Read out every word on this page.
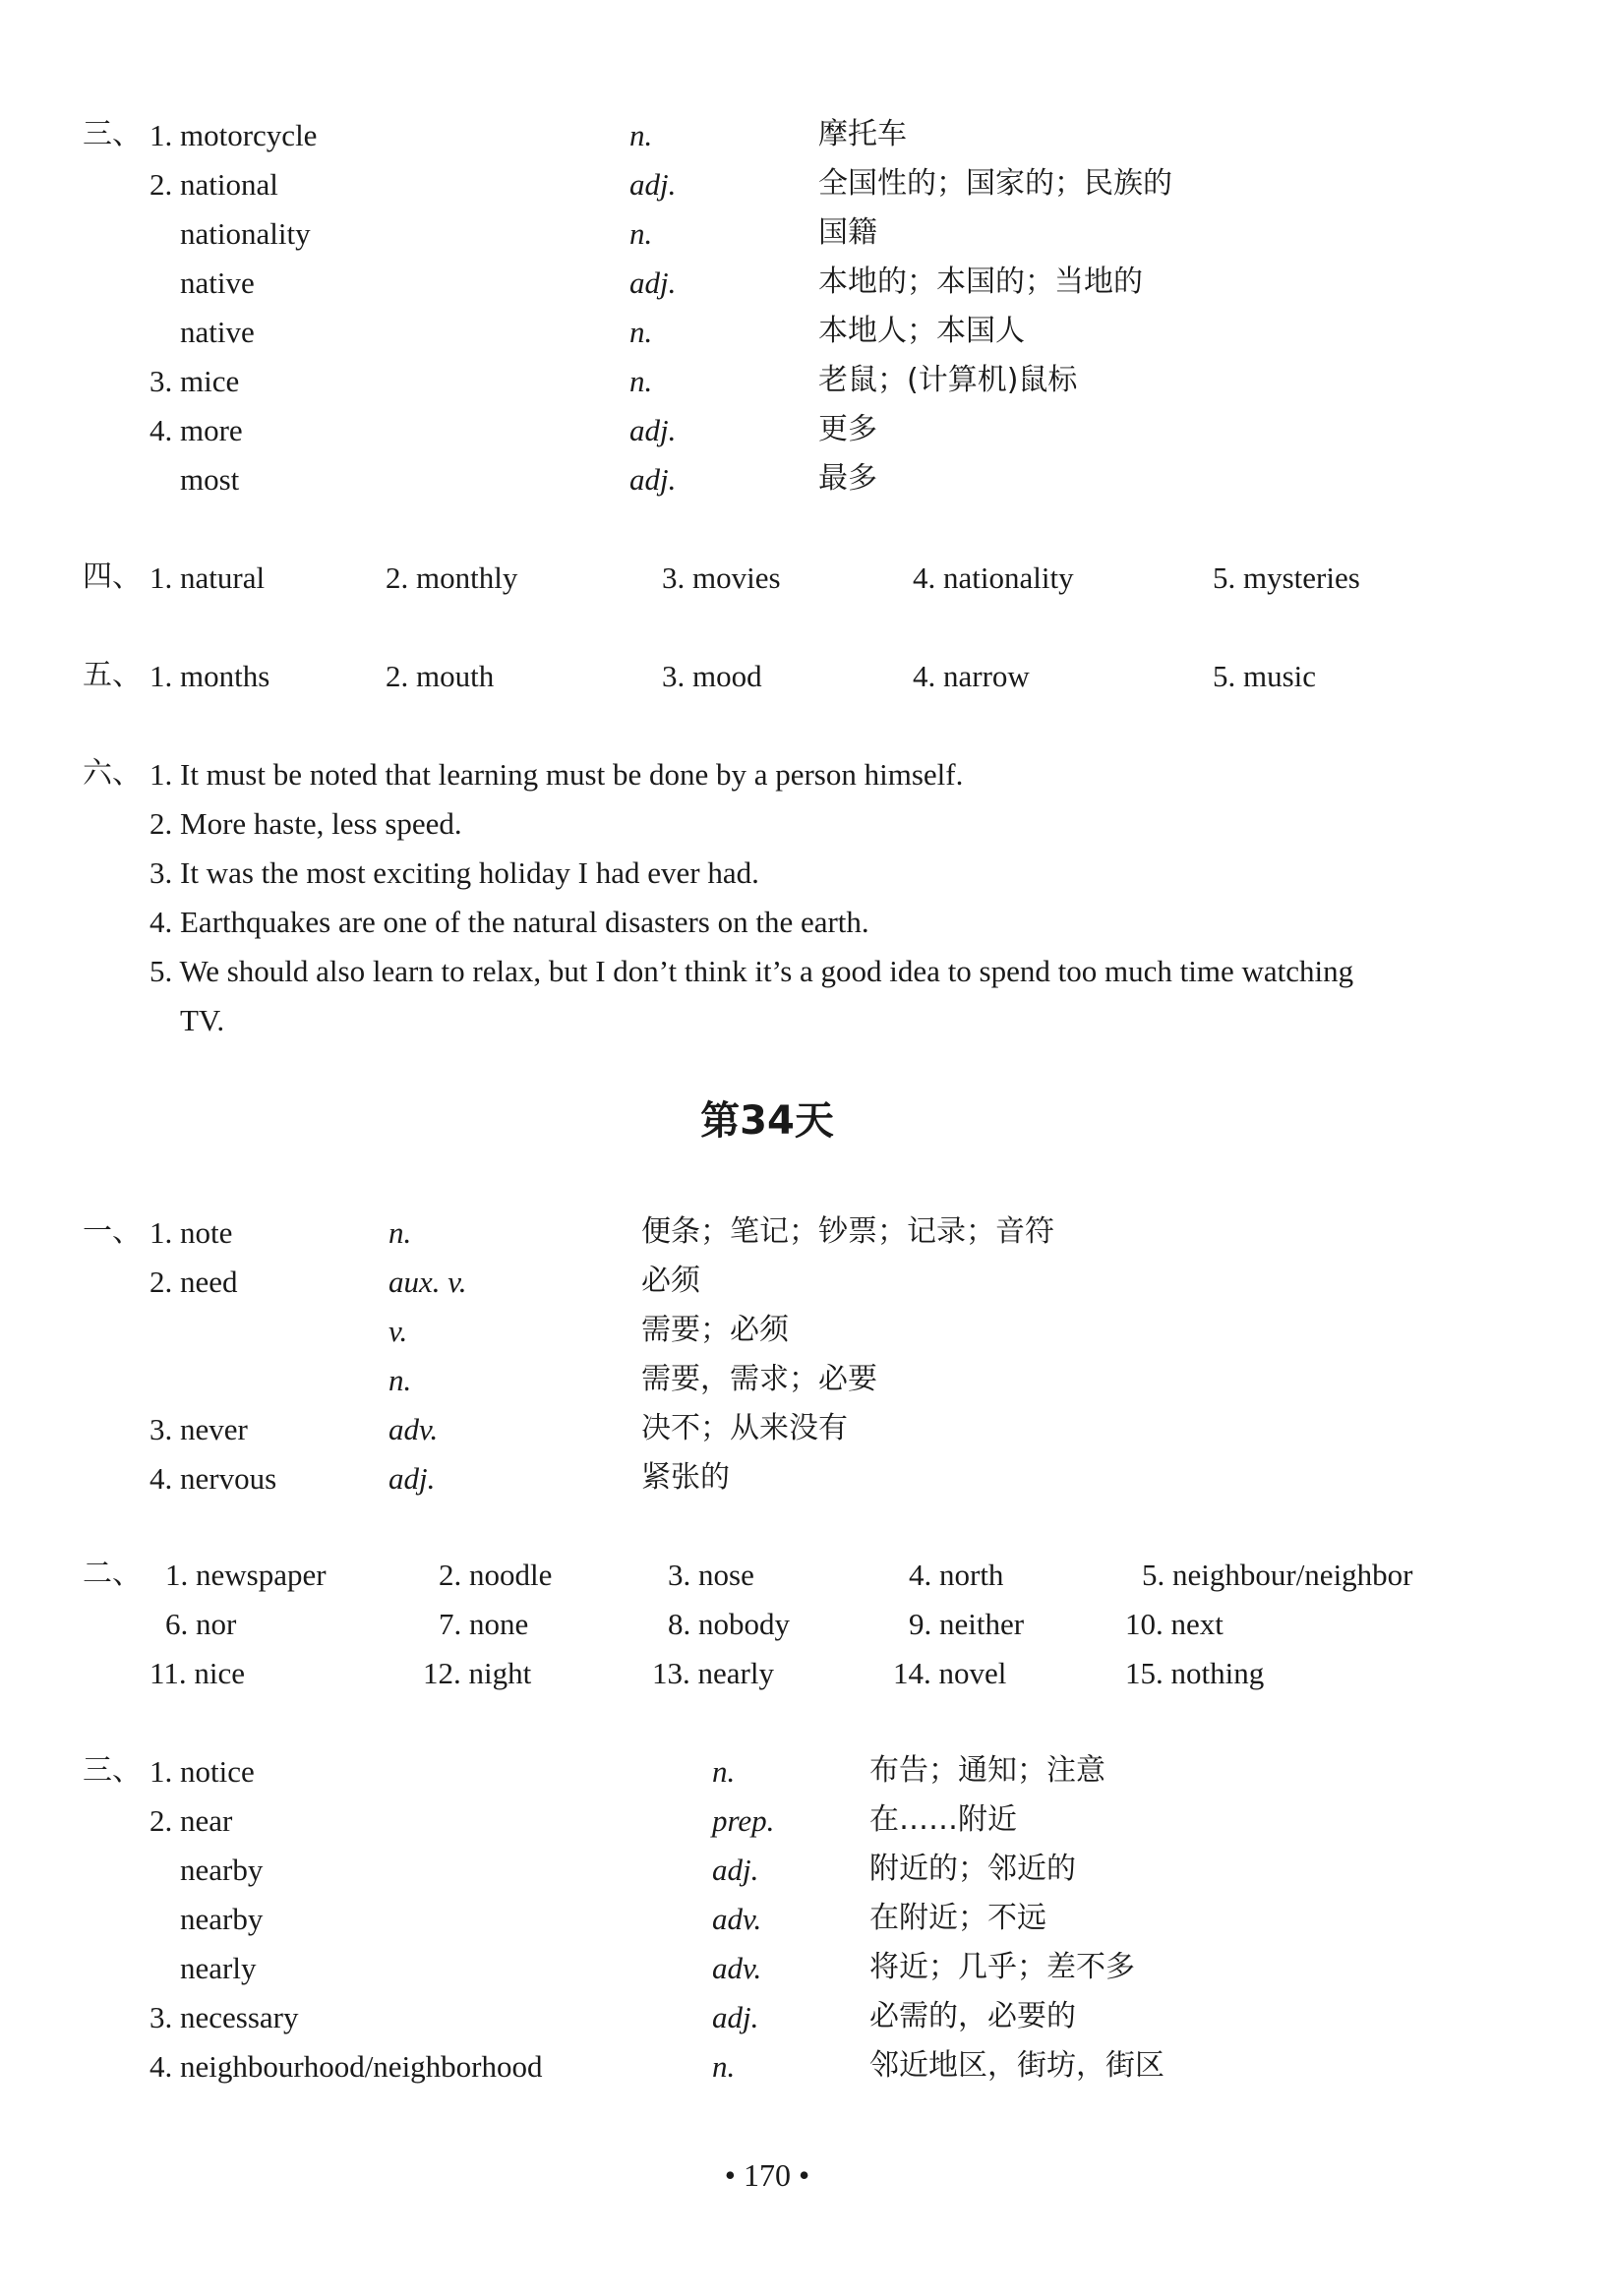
三、 1. motorcycle	n.	摩托车
2. national	adj.	全国性的；国家的；民族的
nationality	n.	国籍
native	adj.	本地的；本国的；当地的
native	n.	本地人；本国人
3. mice	n.	老鼠；(计算机)鼠标
4. more	adj.	更多
most	adj.	最多
四、 1. natural	2. monthly	3. movies	4. nationality	5. mysteries
五、 1. months	2. mouth	3. mood	4. narrow	5. music
六、 1. It must be noted that learning must be done by a person himself.
2. More haste, less speed.
3. It was the most exciting holiday I had ever had.
4. Earthquakes are one of the natural disasters on the earth.
5. We should also learn to relax, but I don’t think it’s a good idea to spend too much time watching
TV.
第34天
一、 1. note	n.	便条；笔记；钞票；记录；音符
2. need	aux. v.	必须
v.	需要；必须
n.	需要，需求；必要
3. never	adv.	决不；从来没有
4. nervous	adj.	紧张的
二、 1. newspaper	2. noodle	3. nose	4. north	5. neighbour/neighbor
6. nor	7. none	8. nobody	9. neither	10. next
11. nice	12. night	13. nearly	14. novel	15. nothing
三、 1. notice	n.	布告；通知；注意
2. near	prep.	在……附近
nearby	adj.	附近的；邻近的
nearby	adv.	在附近；不远
nearly	adv.	将近；几乎；差不多
3. necessary	adj.	必需的，必要的
4. neighbourhood/neighborhood	n.	邻近地区，街坊，街区
• 170 •
